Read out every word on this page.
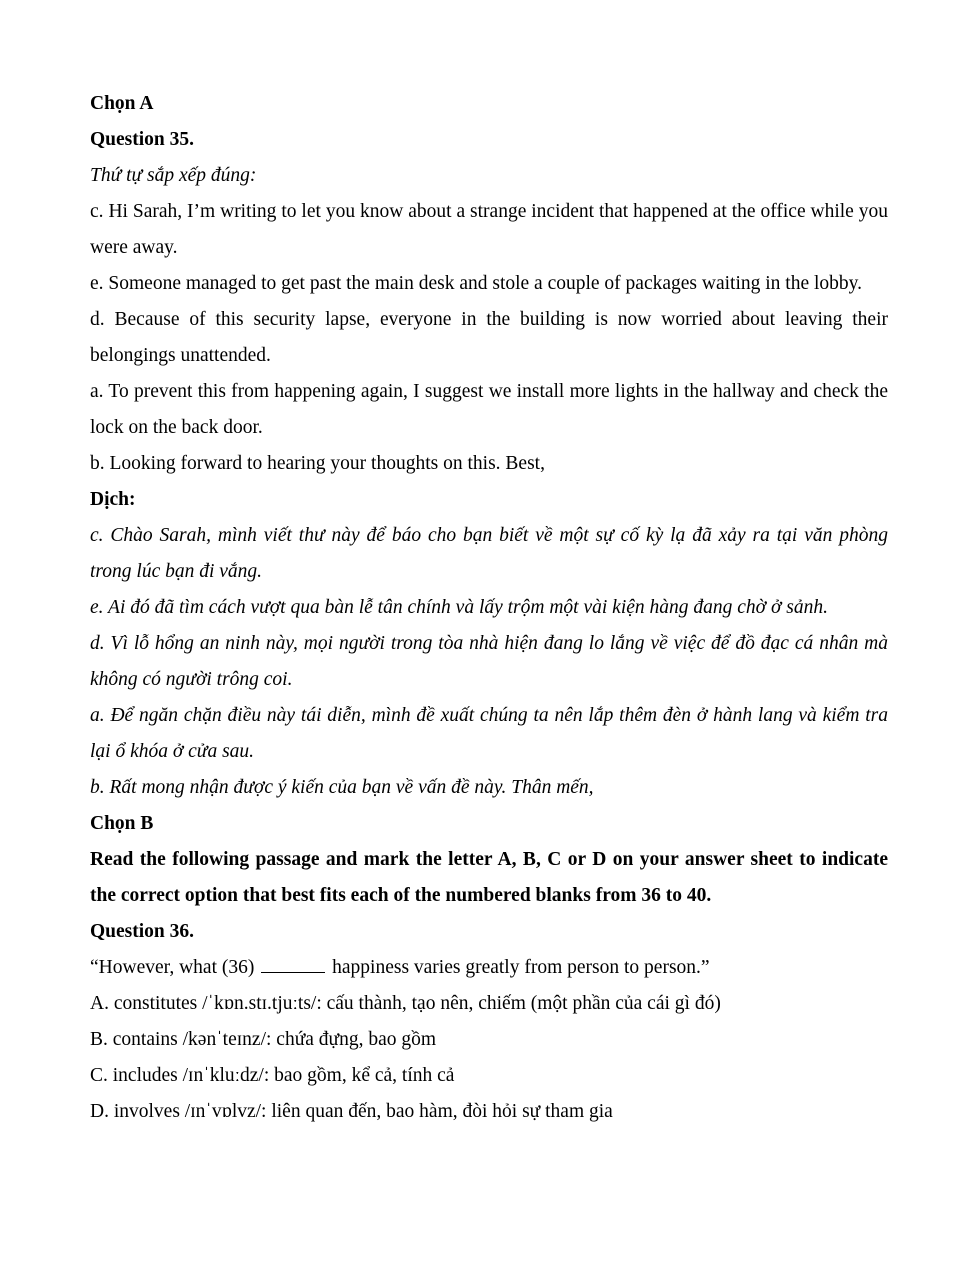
Chọn A

Question 35.

Thứ tự sắp xếp đúng:

c. Hi Sarah, I’m writing to let you know about a strange incident that happened at the office while you were away.

e. Someone managed to get past the main desk and stole a couple of packages waiting in the lobby.

d. Because of this security lapse, everyone in the building is now worried about leaving their belongings unattended.

a. To prevent this from happening again, I suggest we install more lights in the hallway and check the lock on the back door.

b. Looking forward to hearing your thoughts on this. Best,

Dịch:

c. Chào Sarah, mình viết thư này để báo cho bạn biết về một sự cố kỳ lạ đã xảy ra tại văn phòng trong lúc bạn đi vắng.

e. Ai đó đã tìm cách vượt qua bàn lễ tân chính và lấy trộm một vài kiện hàng đang chờ ở sảnh.

d. Vì lỗ hổng an ninh này, mọi người trong tòa nhà hiện đang lo lắng về việc để đồ đạc cá nhân mà không có người trông coi.

a. Để ngăn chặn điều này tái diễn, mình đề xuất chúng ta nên lắp thêm đèn ở hành lang và kiểm tra lại ổ khóa ở cửa sau.

b. Rất mong nhận được ý kiến của bạn về vấn đề này. Thân mến,

Chọn B

Read the following passage and mark the letter A, B, C or D on your answer sheet to indicate the correct option that best fits each of the numbered blanks from 36 to 40.

Question 36.

“However, what (36)	happiness varies greatly from person to person.”

A. constitutes /ˈkɒn.stɪ.tjuːts/: cấu thành, tạo nên, chiếm (một phần của cái gì đó)

B. contains /kənˈteɪnz/: chứa đựng, bao gồm

C. includes /ɪnˈkluːdz/: bao gồm, kể cả, tính cả

D. involves /ɪnˈvɒlvz/: liên quan đến, bao hàm, đòi hỏi sự tham gia
